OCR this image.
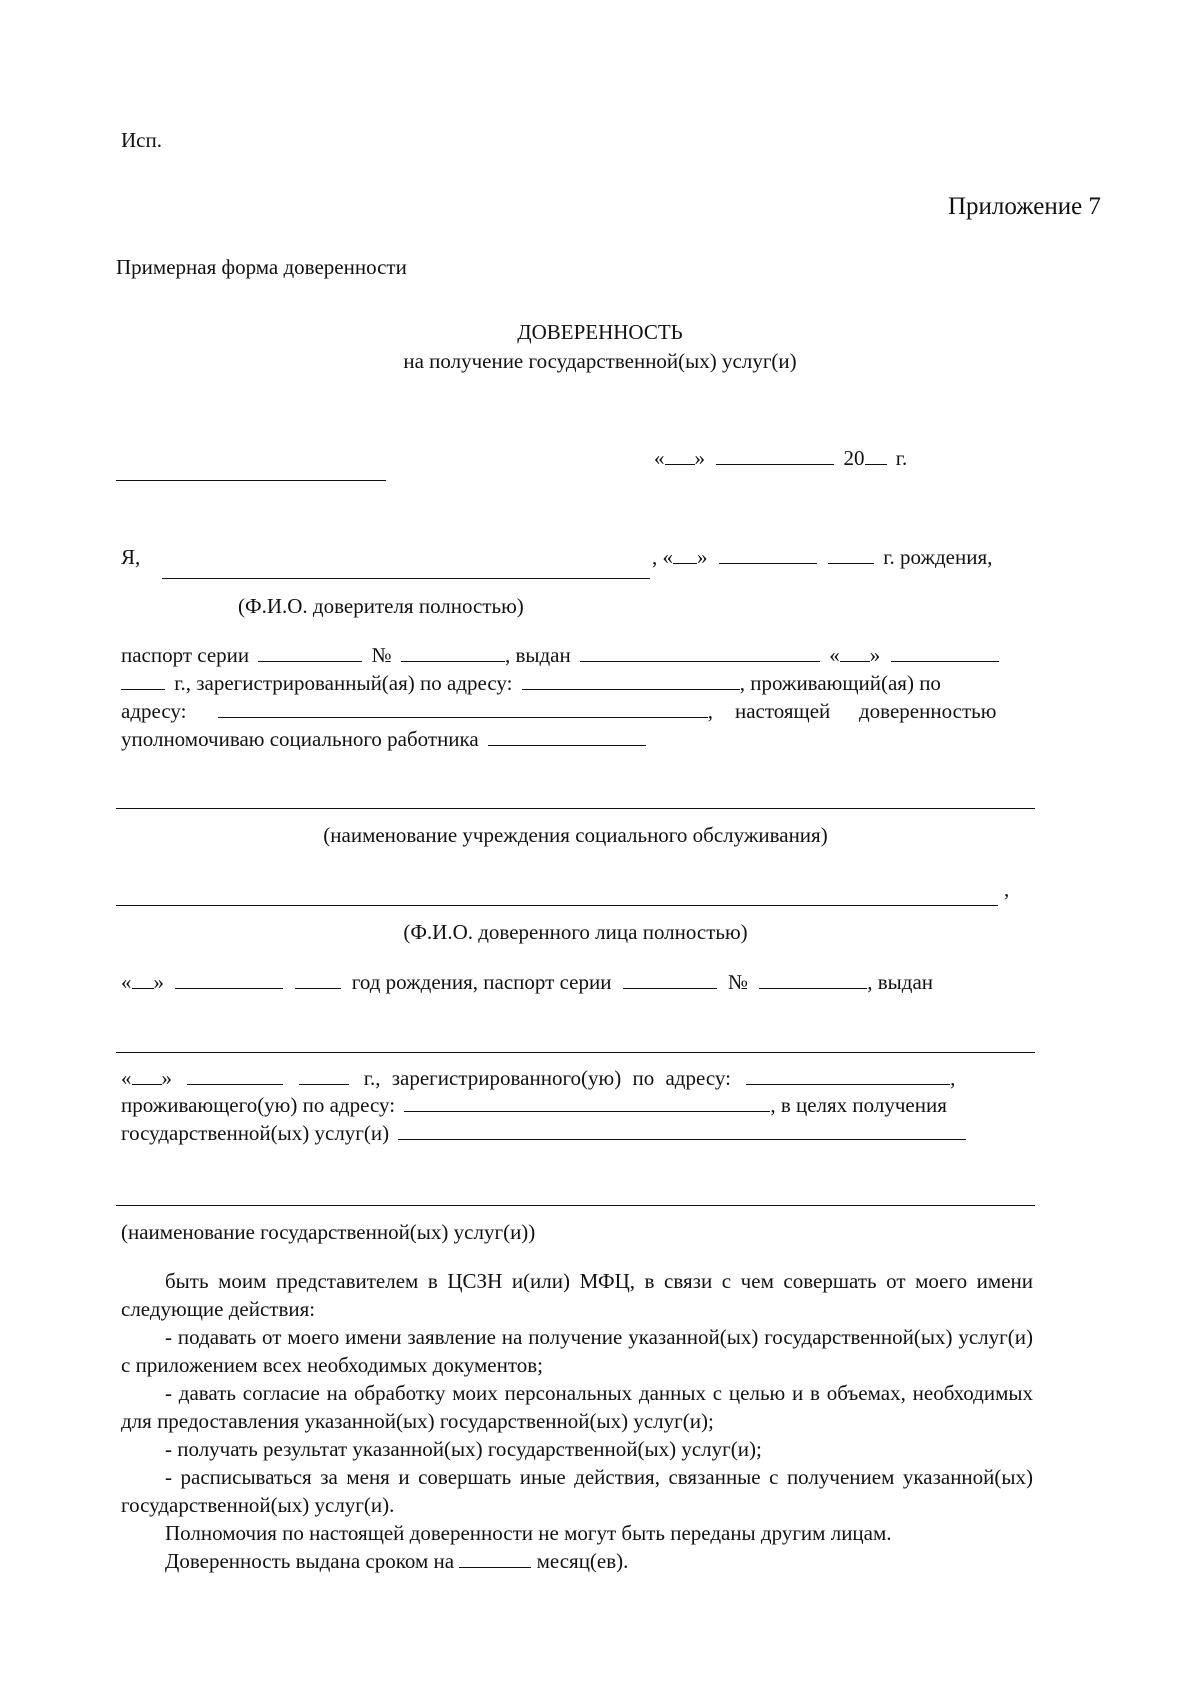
Исп.
Приложение 7
Примерная форма доверенности
ДОВЕРЕННОСТЬ
на получение государственной(ых) услуг(и)
« »	20 г.
Я,	, « »	г. рождения,
(Ф.И.О. доверителя полностью)
паспорт серии	№	, выдан	« »
г., зарегистрированный(ая) по адресу:	, проживающий(ая) по
адресу:	, настоящей доверенностью
уполномочиваю социального работника
(наименование учреждения социального обслуживания)
,
(Ф.И.О. доверенного лица полностью)
« »	год рождения, паспорт серии	№	, выдан
« »	г., зарегистрированного(ую) по адресу:	,
проживающего(ую) по адресу:	, в целях получения
государственной(ых) услуг(и)
(наименование государственной(ых) услуг(и))

быть моим представителем в ЦСЗН и(или) МФЦ, в связи с чем совершать от моего имени следующие действия:

- подавать от моего имени заявление на получение указанной(ых) государственной(ых) услуг(и) с приложением всех необходимых документов;

- давать согласие на обработку моих персональных данных с целью и в объемах, необходимых для предоставления указанной(ых) государственной(ых) услуг(и);

- получать результат указанной(ых) государственной(ых) услуг(и);

- расписываться за меня и совершать иные действия, связанные с получением указанной(ых) государственной(ых) услуг(и).

Полномочия по настоящей доверенности не могут быть переданы другим лицам.

Доверенность выдана сроком на	месяц(ев).
